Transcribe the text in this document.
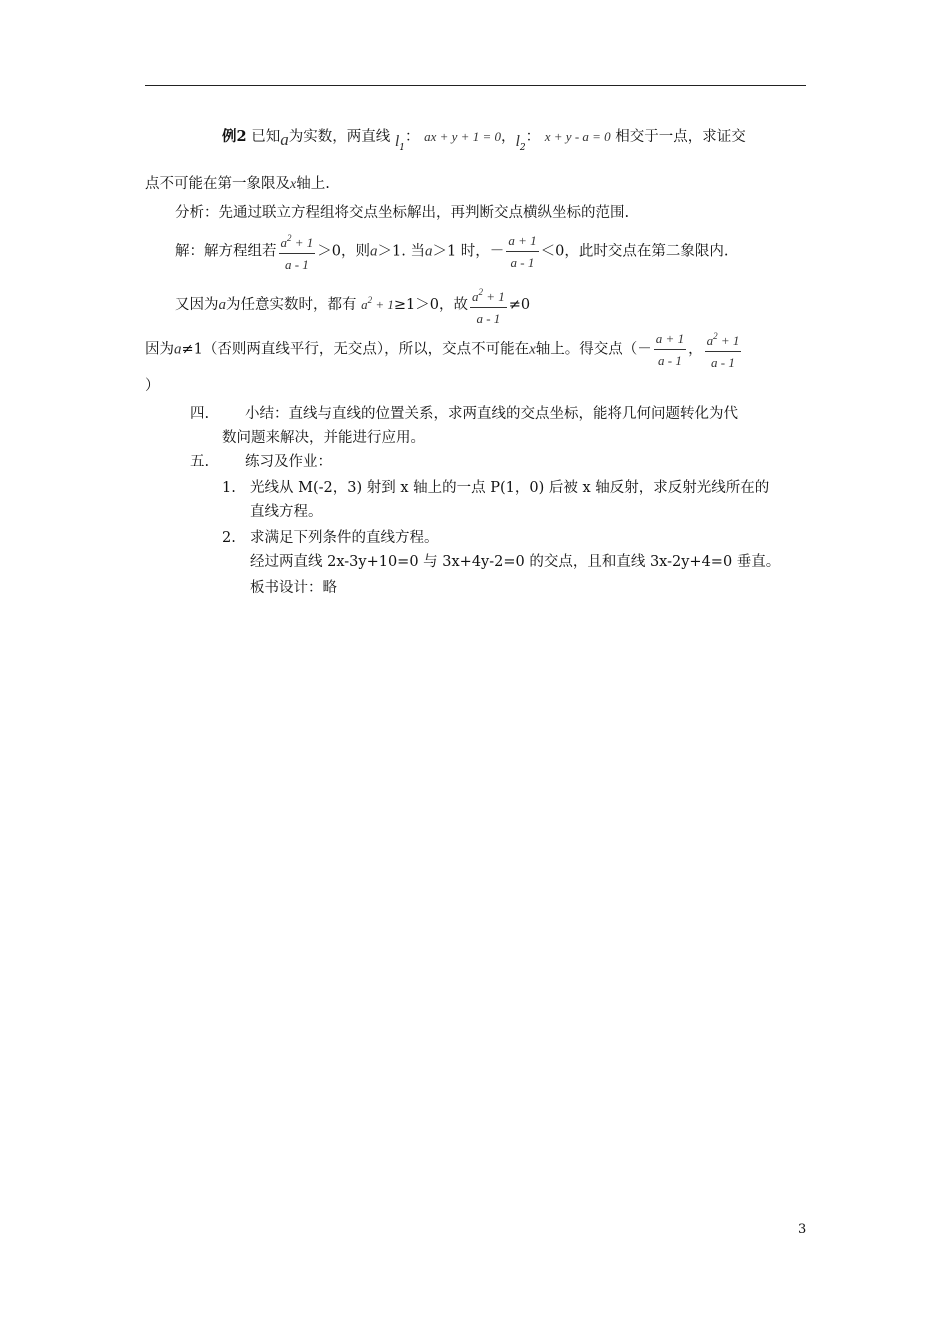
例2 已知a为实数，两直线 $l_1$： ax + y + 1 = 0，$l_2$： x + y - a = 0 相交于一点，求证交
点不可能在第一象限及x轴上.
分析：先通过联立方程组将交点坐标解出，再判断交点横纵坐标的范围.
解：解方程组若 $\frac{a^2 + 1}{a - 1} >0$，则a＞1. 当a＞1 时，－ $\frac{a + 1}{a - 1} <0$，此时交点在第二象限内.
又因为a为任意实数时，都有 $a^2 + 1\ge 1>0$，故 $\frac{a^2 + 1}{a - 1} \ne 0$
因为a≠1（否则两直线平行，无交点），所以，交点不可能在x轴上。得交点（－ $\frac{a + 1}{a - 1}$ ， $\frac{a^2 + 1}{a - 1}$
）
四. 小结：直线与直线的位置关系，求两直线的交点坐标，能将几何问题转化为代
数问题来解决，并能进行应用。
五. 练习及作业：
1. 光线从 M(-2，3) 射到 x 轴上的一点 P(1，0) 后被 x 轴反射，求反射光线所在的
直线方程。
2. 求满足下列条件的直线方程。
经过两直线 2x-3y+10=0 与 3x+4y-2=0 的交点，且和直线 3x-2y+4=0 垂直。
板书设计：略
3
